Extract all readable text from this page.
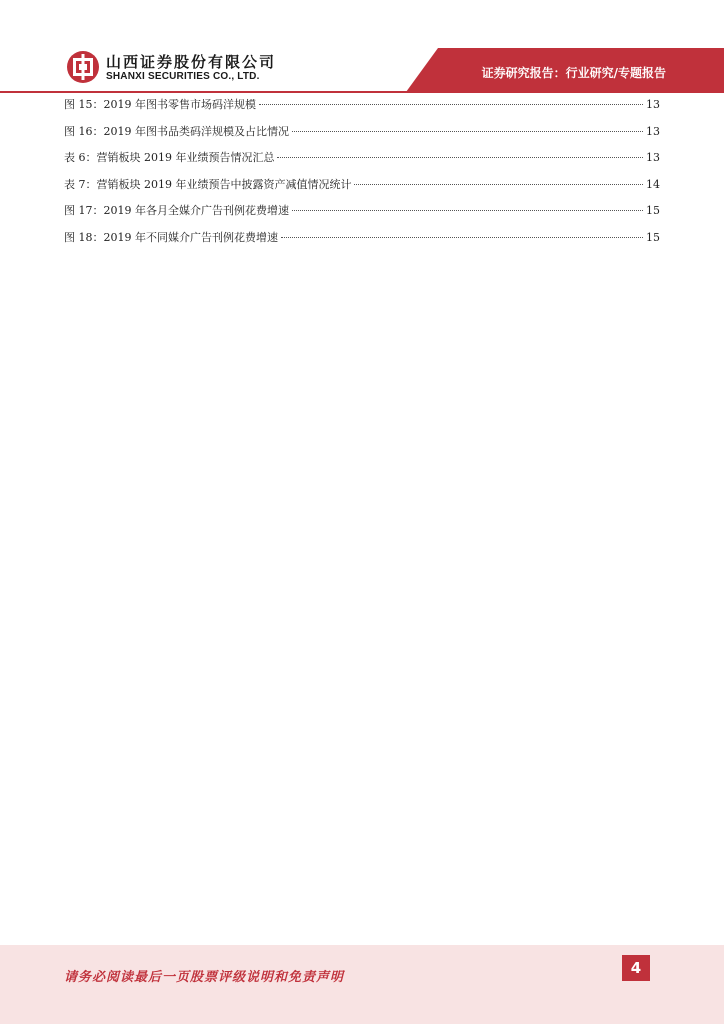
山西证券股份有限公司
SHANXI SECURITIES CO., LTD.	证券研究报告：行业研究/专题报告
图 15：2019 年图书零售市场码洋规模	13
图 16：2019 年图书品类码洋规模及占比情况	13
表 6：营销板块 2019 年业绩预告情况汇总	13
表 7：营销板块 2019 年业绩预告中披露资产减值情况统计	14
图 17：2019 年各月全媒介广告刊例花费增速	15
图 18：2019 年不同媒介广告刊例花费增速	15
请务必阅读最后一页股票评级说明和免责声明
4
